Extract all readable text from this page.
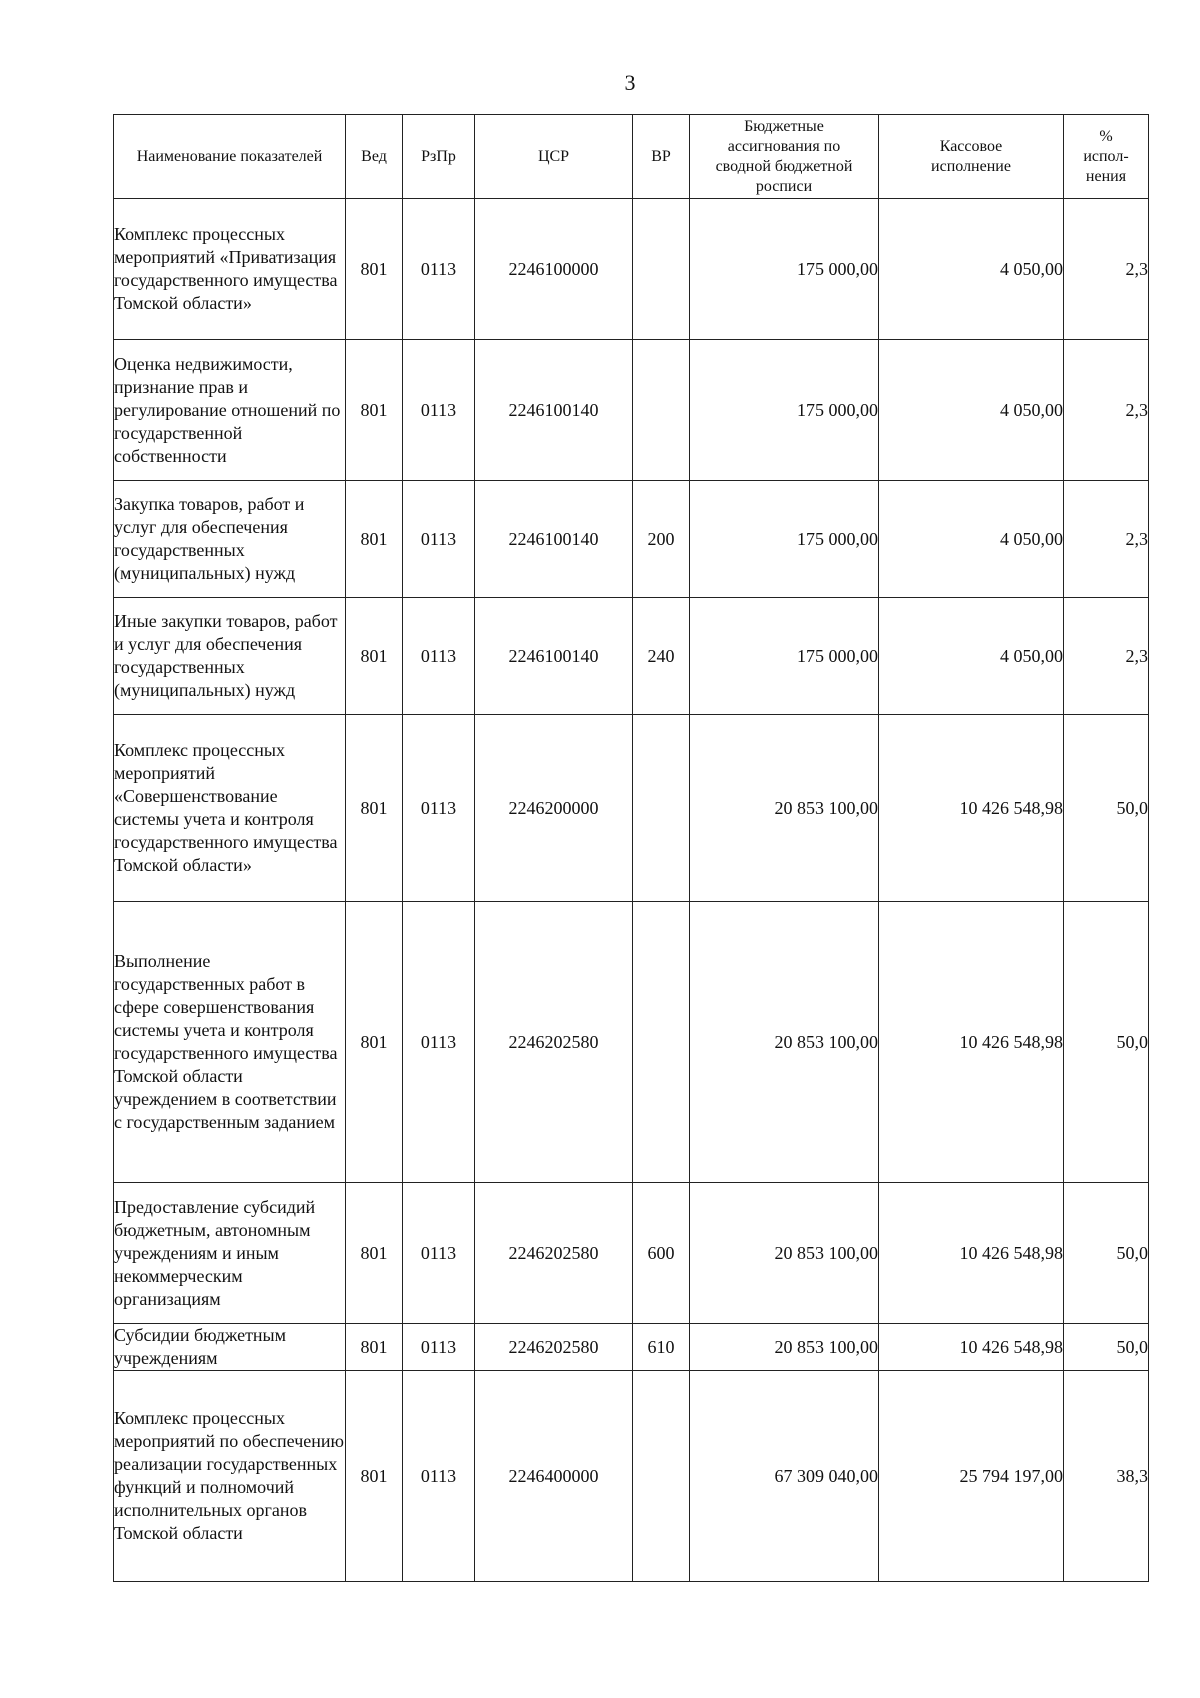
3
Наименование показателей	Вед	РзПр	ЦСР	ВР	Бюджетные ассигнования по сводной бюджетной росписи	Кассовое исполнение	% испол-нения
Комплекс процессных мероприятий «Приватизация государственного имущества Томской области»	801	0113	2246100000		175 000,00	4 050,00	2,3
Оценка недвижимости, признание прав и регулирование отношений по государственной собственности	801	0113	2246100140		175 000,00	4 050,00	2,3
Закупка товаров, работ и услуг для обеспечения государственных (муниципальных) нужд	801	0113	2246100140	200	175 000,00	4 050,00	2,3
Иные закупки товаров, работ и услуг для обеспечения государственных (муниципальных) нужд	801	0113	2246100140	240	175 000,00	4 050,00	2,3
Комплекс процессных мероприятий «Совершенствование системы учета и контроля государственного имущества Томской области»	801	0113	2246200000		20 853 100,00	10 426 548,98	50,0
Выполнение государственных работ в сфере совершенствования системы учета и контроля государственного имущества Томской области учреждением в соответствии с государственным заданием	801	0113	2246202580		20 853 100,00	10 426 548,98	50,0
Предоставление субсидий бюджетным, автономным учреждениям и иным некоммерческим организациям	801	0113	2246202580	600	20 853 100,00	10 426 548,98	50,0
Субсидии бюджетным учреждениям	801	0113	2246202580	610	20 853 100,00	10 426 548,98	50,0
Комплекс процессных мероприятий по обеспечению реализации государственных функций и полномочий исполнительных органов Томской области	801	0113	2246400000		67 309 040,00	25 794 197,00	38,3
